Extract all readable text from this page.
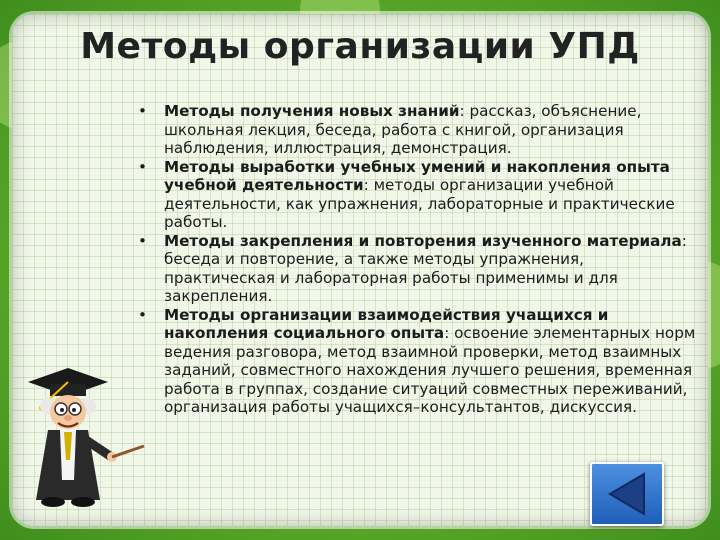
Методы организации УПД
•	Методы получения новых знаний: рассказ, объяснение, школьная лекция, беседа, работа с книгой, организация наблюдения, иллюстрация, демонстрация.
•	Методы выработки учебных умений и накопления опыта учебной деятельности: методы организации учебной деятельности, как упражнения, лабораторные и практические работы.
•	Методы закрепления и повторения изученного материала: беседа и повторение, а также методы упражнения, практическая и лабораторная работы применимы и для закрепления.
•	Методы организации взаимодействия учащихся и накопления социального опыта: освоение элементарных норм ведения разговора, метод взаимной проверки, метод взаимных заданий, совместного нахождения лучшего решения, временная работа в группах, создание ситуаций совместных переживаний, организация работы учащихся–консультантов, дискуссия.
